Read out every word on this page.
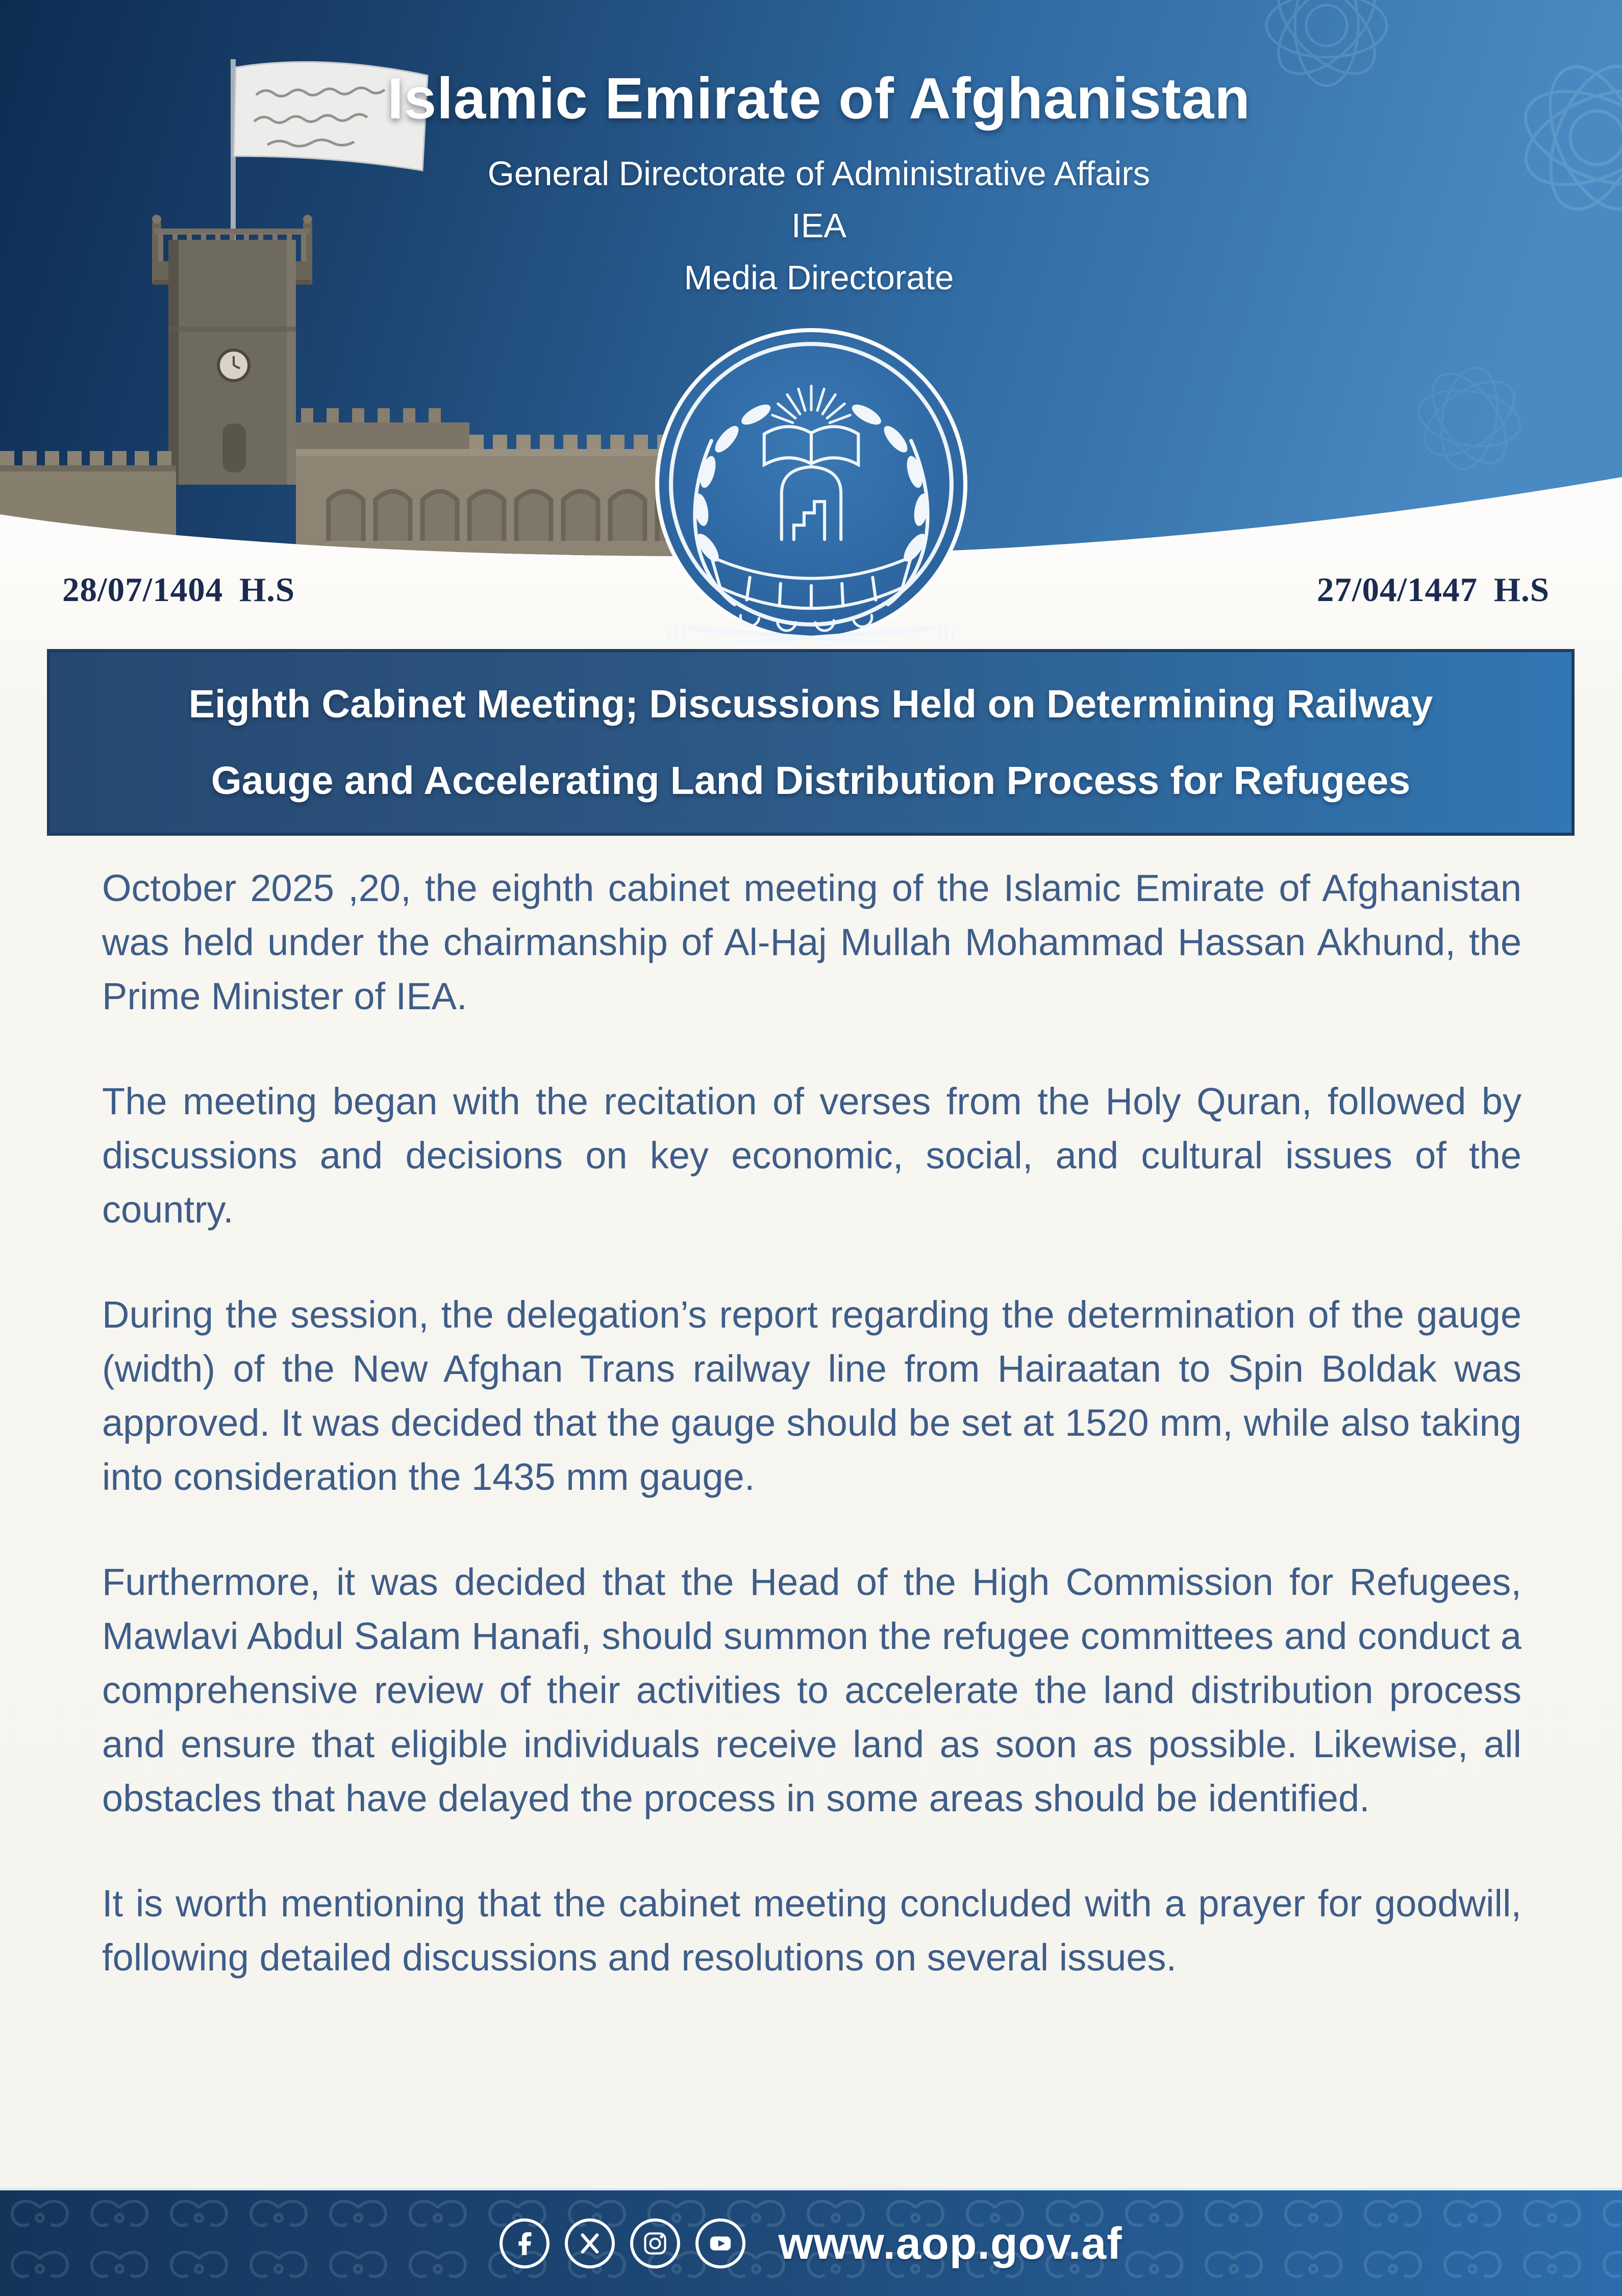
Islamic Emirate of Afghanistan
General Directorate of Administrative Affairs
IEA
Media Directorate
28/07/1404 H.S	27/04/1447 H.S
Eighth Cabinet Meeting; Discussions Held on Determining Railway
Gauge and Accelerating Land Distribution Process for Refugees

October 2025 ,20, the eighth cabinet meeting of the Islamic Emirate of Afghanistan was held under the chairmanship of Al-Haj Mullah Mohammad Hassan Akhund, the Prime Minister of IEA.

The meeting began with the recitation of verses from the Holy Quran, followed by discussions and decisions on key economic, social, and cultural issues of the country.

During the session, the delegation’s report regarding the determination of the gauge (width) of the New Afghan Trans railway line from Hairaatan to Spin Boldak was approved. It was decided that the gauge should be set at 1520 mm, while also taking into consideration the 1435 mm gauge.

Furthermore, it was decided that the Head of the High Commission for Refugees, Mawlavi Abdul Salam Hanafi, should summon the refugee committees and conduct a comprehensive review of their activities to accelerate the land distribution process and ensure that eligible individuals receive land as soon as possible. Likewise, all obstacles that have delayed the process in some areas should be identified.

It is worth mentioning that the cabinet meeting concluded with a prayer for goodwill, following detailed discussions and resolutions on several issues.

www.aop.gov.af
